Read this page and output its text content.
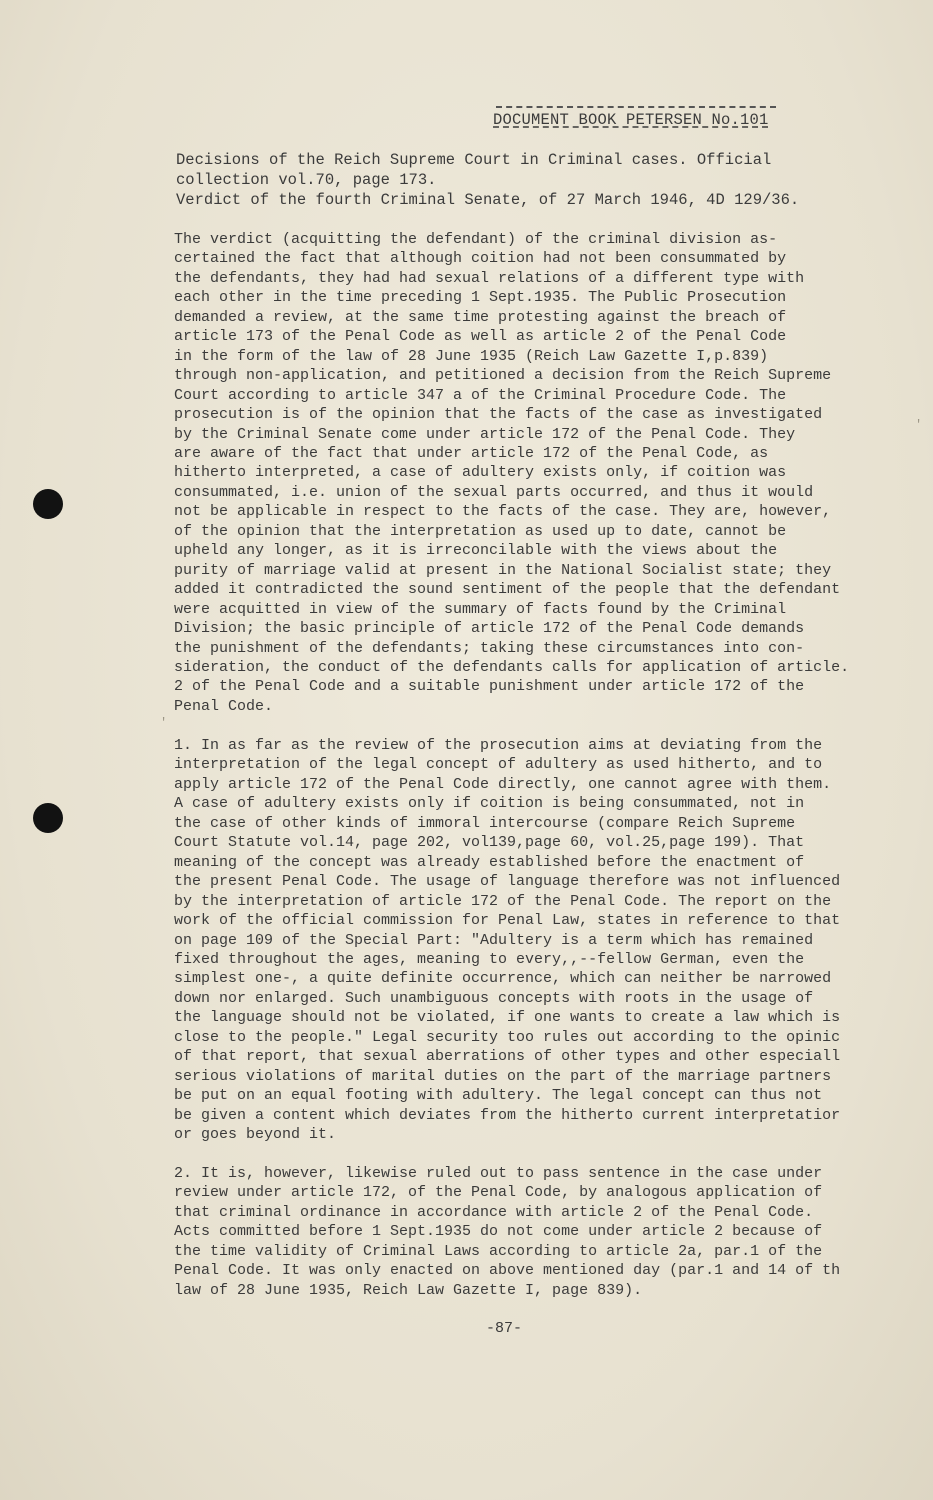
DOCUMENT BOOK PETERSEN No.101
Decisions of the Reich Supreme Court in Criminal cases. Official
collection vol.70, page 173.
Verdict of the fourth Criminal Senate, of 27 March 1946, 4D 129/36.
The verdict (acquitting the defendant) of the criminal division as-
certained the fact that although coition had not been consummated by
the defendants, they had had sexual relations of a different type with
each other in the time preceding 1 Sept.1935. The Public Prosecution
demanded a review, at the same time protesting against the breach of
article 173 of the Penal Code as well as article 2 of the Penal Code
in the form of the law of 28 June 1935 (Reich Law Gazette I,p.839)
through non-application, and petitioned a decision from the Reich Supreme
Court according to article 347 a of the Criminal Procedure Code. The
prosecution is of the opinion that the facts of the case as investigated
by the Criminal Senate come under article 172 of the Penal Code. They
are aware of the fact that under article 172 of the Penal Code, as
hitherto interpreted, a case of adultery exists only, if coition was
consummated, i.e. union of the sexual parts occurred, and thus it would
not be applicable in respect to the facts of the case. They are, however,
of the opinion that the interpretation as used up to date, cannot be
upheld any longer, as it is irreconcilable with the views about the
purity of marriage valid at present in the National Socialist state; they
added it contradicted the sound sentiment of the people that the defendant
were acquitted in view of the summary of facts found by the Criminal
Division; the basic principle of article 172 of the Penal Code demands
the punishment of the defendants; taking these circumstances into con-
sideration, the conduct of the defendants calls for application of article.
2 of the Penal Code and a suitable punishment under article 172 of the
Penal Code.
1. In as far as the review of the prosecution aims at deviating from the
interpretation of the legal concept of adultery as used hitherto, and to
apply article 172 of the Penal Code directly, one cannot agree with them.
A case of adultery exists only if coition is being consummated, not in
the case of other kinds of immoral intercourse (compare Reich Supreme
Court Statute vol.14, page 202, vol139,page 60, vol.25,page 199). That
meaning of the concept was already established before the enactment of
the present Penal Code. The usage of language therefore was not influenced
by the interpretation of article 172 of the Penal Code. The report on the
work of the official commission for Penal Law, states in reference to that
on page 109 of the Special Part: "Adultery is a term which has remained
fixed throughout the ages, meaning to every,,--fellow German, even the
simplest one-, a quite definite occurrence, which can neither be narrowed
down nor enlarged. Such unambiguous concepts with roots in the usage of
the language should not be violated, if one wants to create a law which is
close to the people." Legal security too rules out according to the opinic
of that report, that sexual aberrations of other types and other especiall
serious violations of marital duties on the part of the marriage partners
be put on an equal footing with adultery. The legal concept can thus not
be given a content which deviates from the hitherto current interpretatior
or goes beyond it.
2. It is, however, likewise ruled out to pass sentence in the case under
review under article 172, of the Penal Code, by analogous application of
that criminal ordinance in accordance with article 2 of the Penal Code.
Acts committed before 1 Sept.1935 do not come under article 2 because of
the time validity of Criminal Laws according to article 2a, par.1 of the
Penal Code. It was only enacted on above mentioned day (par.1 and 14 of th
law of 28 June 1935, Reich Law Gazette I, page 839).
-87-
'
'
